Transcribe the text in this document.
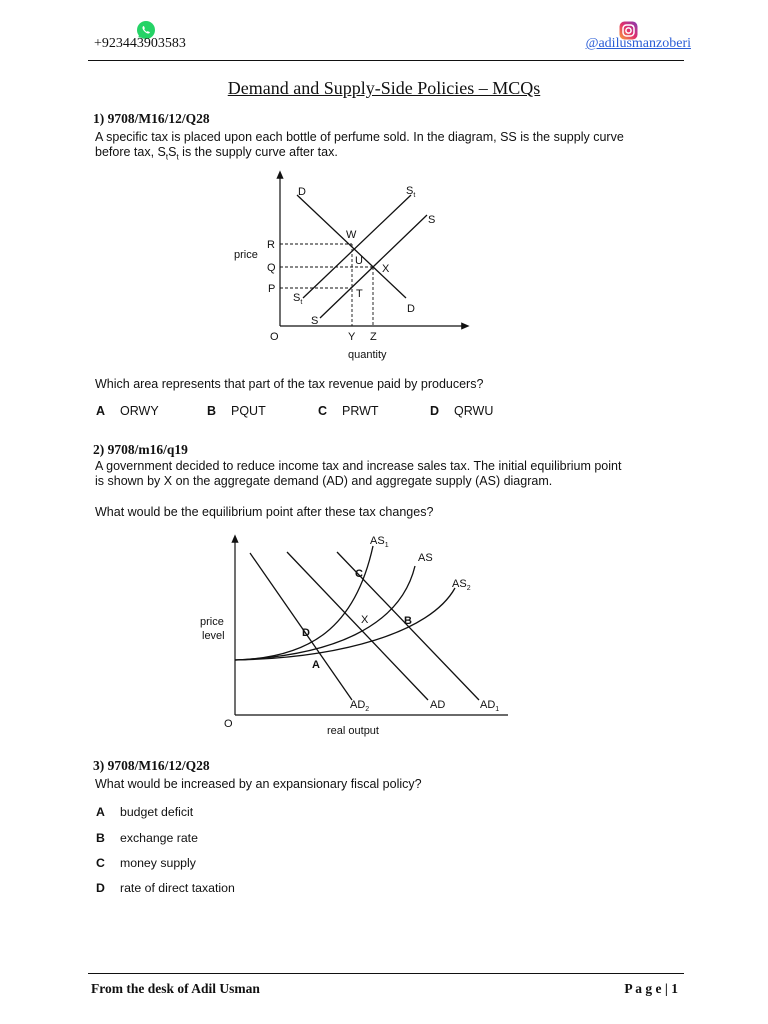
+923443903583	@adilusmanzoberi
Demand and Supply-Side Policies – MCQs
1) 9708/M16/12/Q28
A specific tax is placed upon each bottle of perfume sold. In the diagram, SS is the supply curve
before tax, $S_tS_t$ is the supply curve after tax.
price
quantity
O
R
Q
P
Y Z
D
D
S
S
$S_t$
$S_t$
W
U
X
T
Which area represents that part of the tax revenue paid by producers?
A ORWY	B PQUT	C PRWT	D QRWU
2) 9708/m16/q19
A government decided to reduce income tax and increase sales tax. The initial equilibrium point
is shown by X on the aggregate demand (AD) and aggregate supply (AS) diagram.
What would be the equilibrium point after these tax changes?
price
level
real output
O
$AS_1$
AS
$AS_2$
$AD_2$	AD	$AD_1$
A
B
C
D
X
3) 9708/M16/12/Q28
What would be increased by an expansionary fiscal policy?
A budget deficit
B exchange rate
C money supply
D rate of direct taxation
From the desk of Adil Usman	P a g e | 1
